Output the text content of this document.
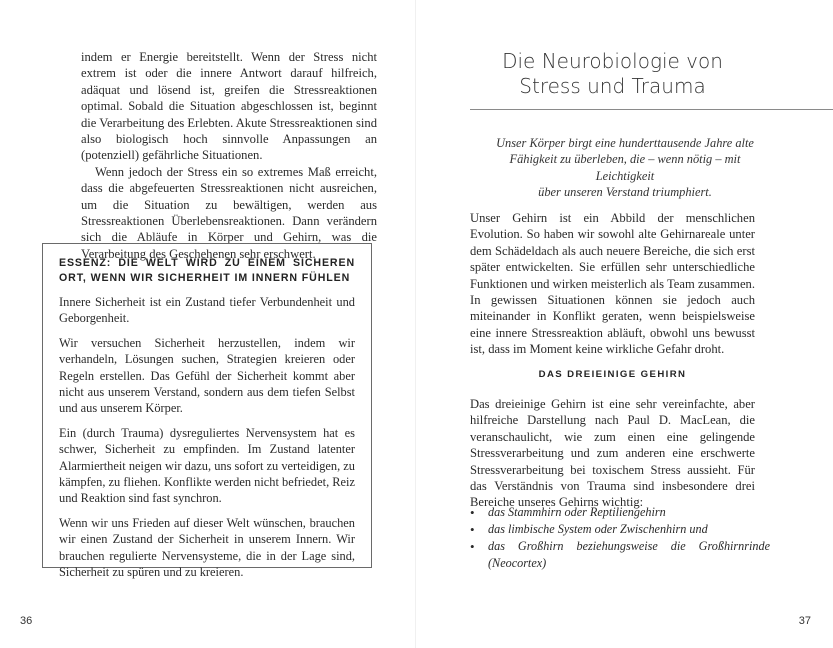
indem er Energie bereitstellt. Wenn der Stress nicht extrem ist oder die innere Antwort darauf hilfreich, adäquat und lösend ist, greifen die Stressreaktionen optimal. Sobald die Situation abgeschlossen ist, beginnt die Verarbeitung des Erlebten. Akute Stressreaktionen sind also biologisch hoch sinnvolle Anpassungen an (potenziell) gefährliche Situationen.

Wenn jedoch der Stress ein so extremes Maß erreicht, dass die abgefeuerten Stressreaktionen nicht ausreichen, um die Situation zu bewältigen, werden aus Stressreaktionen Überlebensreaktionen. Dann verändern sich die Abläufe in Körper und Gehirn, was die Verarbeitung des Geschehenen sehr erschwert.

ESSENZ: DIE WELT WIRD ZU EINEM SICHEREN ORT, WENN WIR SICHERHEIT IM INNERN FÜHLEN

Innere Sicherheit ist ein Zustand tiefer Verbundenheit und Geborgenheit.

Wir versuchen Sicherheit herzustellen, indem wir verhandeln, Lösungen suchen, Strategien kreieren oder Regeln erstellen. Das Gefühl der Sicherheit kommt aber nicht aus unserem Verstand, sondern aus dem tiefen Selbst und aus unserem Körper.

Ein (durch Trauma) dysreguliertes Nervensystem hat es schwer, Sicherheit zu empfinden. Im Zustand latenter Alarmiertheit neigen wir dazu, uns sofort zu verteidigen, zu kämpfen, zu fliehen. Konflikte werden nicht befriedet, Reiz und Reaktion sind fast synchron.

Wenn wir uns Frieden auf dieser Welt wünschen, brauchen wir einen Zustand der Sicherheit in unserem Innern. Wir brauchen regulierte Nervensysteme, die in der Lage sind, Sicherheit zu spüren und zu kreieren.

36
Die Neurobiologie von
Stress und Trauma
Unser Körper birgt eine hunderttausende Jahre alte
Fähigkeit zu überleben, die – wenn nötig – mit Leichtigkeit
über unseren Verstand triumphiert.

Unser Gehirn ist ein Abbild der menschlichen Evolution. So haben wir sowohl alte Gehirnareale unter dem Schädeldach als auch neuere Bereiche, die sich erst später entwickelten. Sie erfüllen sehr unterschiedliche Funktionen und wirken meisterlich als Team zusammen. In gewissen Situationen können sie jedoch auch miteinander in Konflikt geraten, wenn beispielsweise eine innere Stressreaktion abläuft, obwohl uns bewusst ist, dass im Moment keine wirkliche Gefahr droht.

DAS DREIEINIGE GEHIRN

Das dreieinige Gehirn ist eine sehr vereinfachte, aber hilfreiche Darstellung nach Paul D. MacLean, die veranschaulicht, wie zum einen eine gelingende Stressverarbeitung und zum anderen eine erschwerte Stressverarbeitung bei toxischem Stress aussieht. Für das Verständnis von Trauma sind insbesondere drei Bereiche unseres Gehirns wichtig:

• das Stammhirn oder Reptiliengehirn
• das limbische System oder Zwischenhirn und
• das Großhirn beziehungsweise die Großhirnrinde (Neocortex)
37
